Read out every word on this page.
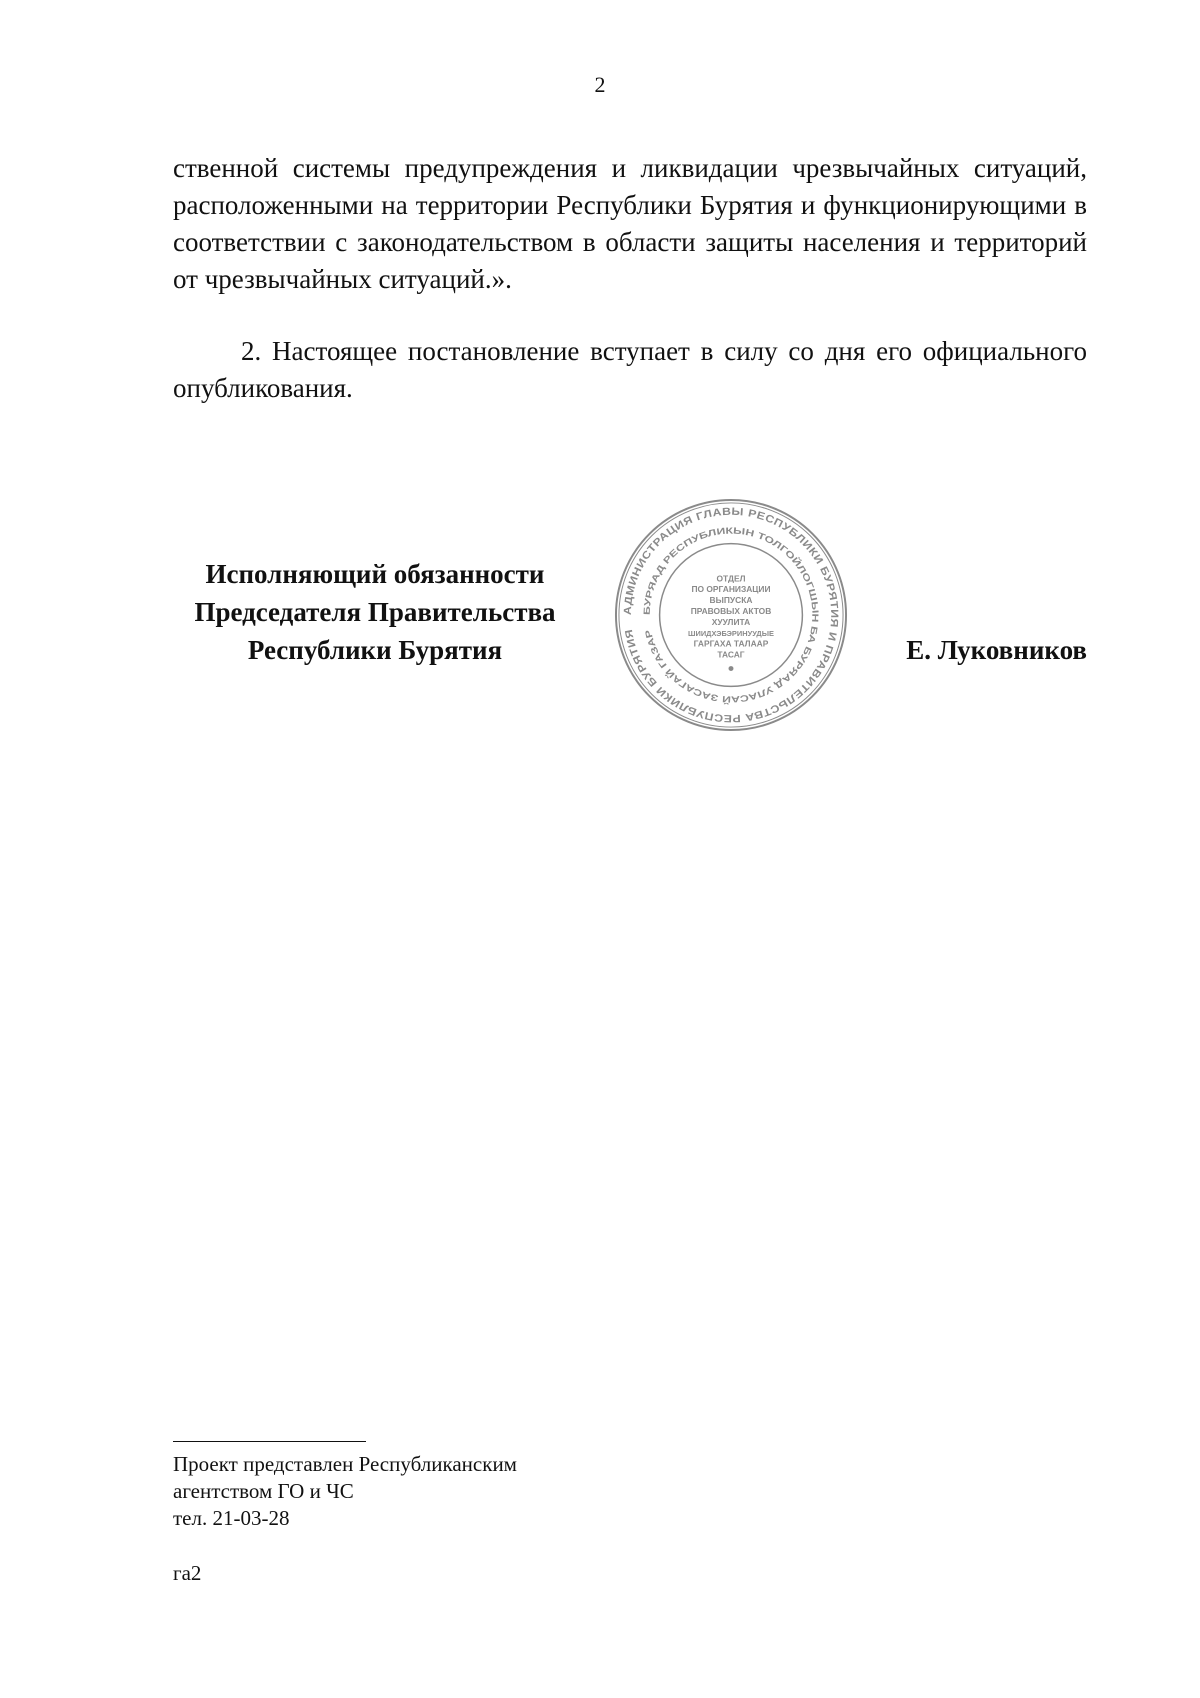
2

ственной системы предупреждения и ликвидации чрезвычайных ситуаций, расположенными на территории Республики Бурятия и функционирующими в соответствии с законодательством в области защиты населения и территорий от чрезвычайных ситуаций.».

2. Настоящее постановление вступает в силу со дня его официального опубликования.

Исполняющий обязанности
Председателя Правительства
Республики Бурятия
АДМИНИСТРАЦИЯ ГЛАВЫ РЕСПУБЛИКИ БУРЯТИЯ И ПРАВИТЕЛЬСТВА РЕСПУБЛИКИ БУРЯТИЯ
БУРЯАД РЕСПУБЛИКЫН ТОЛГОЙЛОГШЫН БА БУРЯАД УЛАСАЙ ЗАСАГАЙ ГАЗАР
ОТДЕЛ
ПО ОРГАНИЗАЦИИ
ВЫПУСКА
ПРАВОВЫХ АКТОВ
ХУУЛИТА
ШИИДХЭБЭРИНУУДЫЕ
ГАРГАХА ТАЛААР
ТАСАГ	Е. Луковников
Проект представлен Республиканским
агентством ГО и ЧС
тел. 21-03-28
га2
